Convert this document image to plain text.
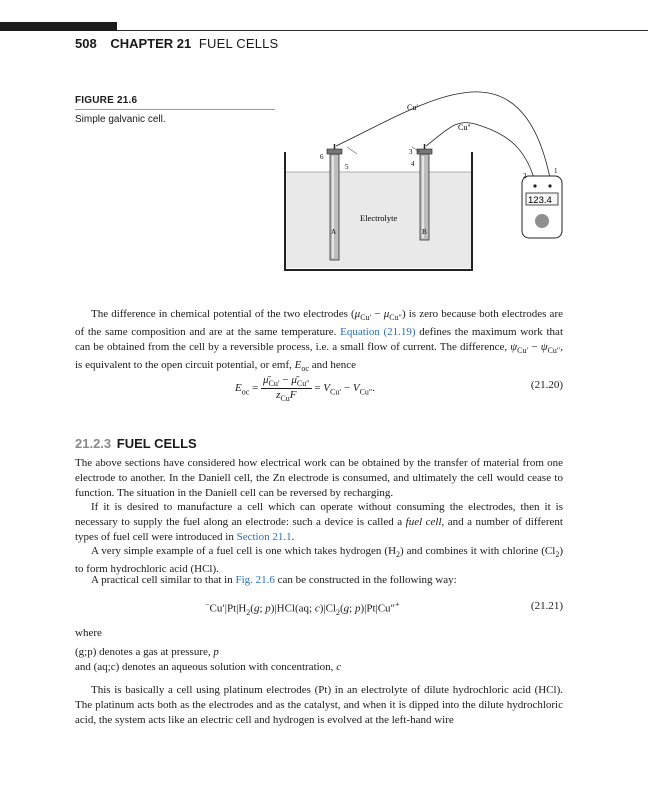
508 CHAPTER 21 FUEL CELLS
FIGURE 21.6
Simple galvanic cell.
Cu'
Cu"
6
5
3
4
2
1
Electrolyte
A	B
123.4
The difference in chemical potential of the two electrodes $(\mu_{Cu'} - \mu_{Cu''})$ is zero because both electrodes are of the same composition and are at the same temperature. Equation (21.19) defines the maximum work that can be obtained from the cell by a reversible process, i.e. a small flow of current. The difference, $\psi_{Cu'} - \psi_{Cu''}$, is equivalent to the open circuit potential, or emf, $E_{oc}$ and hence
$E_{oc} = \frac{\mū_{Cu'} - \mū_{Cu''}}{z_{Cu}F} = V_{Cu'} - V_{Cu''}$.	(21.20)
21.2.3 FUEL CELLS
The above sections have considered how electrical work can be obtained by the transfer of material from one electrode to another. In the Daniell cell, the Zn electrode is consumed, and ultimately the cell would cease to function. The situation in the Daniell cell can be reversed by recharging.
If it is desired to manufacture a cell which can operate without consuming the electrodes, then it is necessary to supply the fuel along an electrode: such a device is called a fuel cell, and a number of different types of fuel cell were introduced in Section 21.1.
A very simple example of a fuel cell is one which takes hydrogen $(H_2)$ and combines it with chlorine $(Cl_2)$ to form hydrochloric acid (HCl).
A practical cell similar to that in Fig. 21.6 can be constructed in the following way:
$^-Cu'|Pt|H_2(g$; p)|HCl(aq; $c)|Cl_2(g$; p)|Pt|Cu″+	(21.21)
where
(g;p) denotes a gas at pressure, p
and (aq;c) denotes an aqueous solution with concentration, c
This is basically a cell using platinum electrodes (Pt) in an electrolyte of dilute hydrochloric acid (HCl). The platinum acts both as the electrodes and as the catalyst, and when it is dipped into the dilute hydrochloric acid, the system acts like an electric cell and hydrogen is evolved at the left-hand wire
